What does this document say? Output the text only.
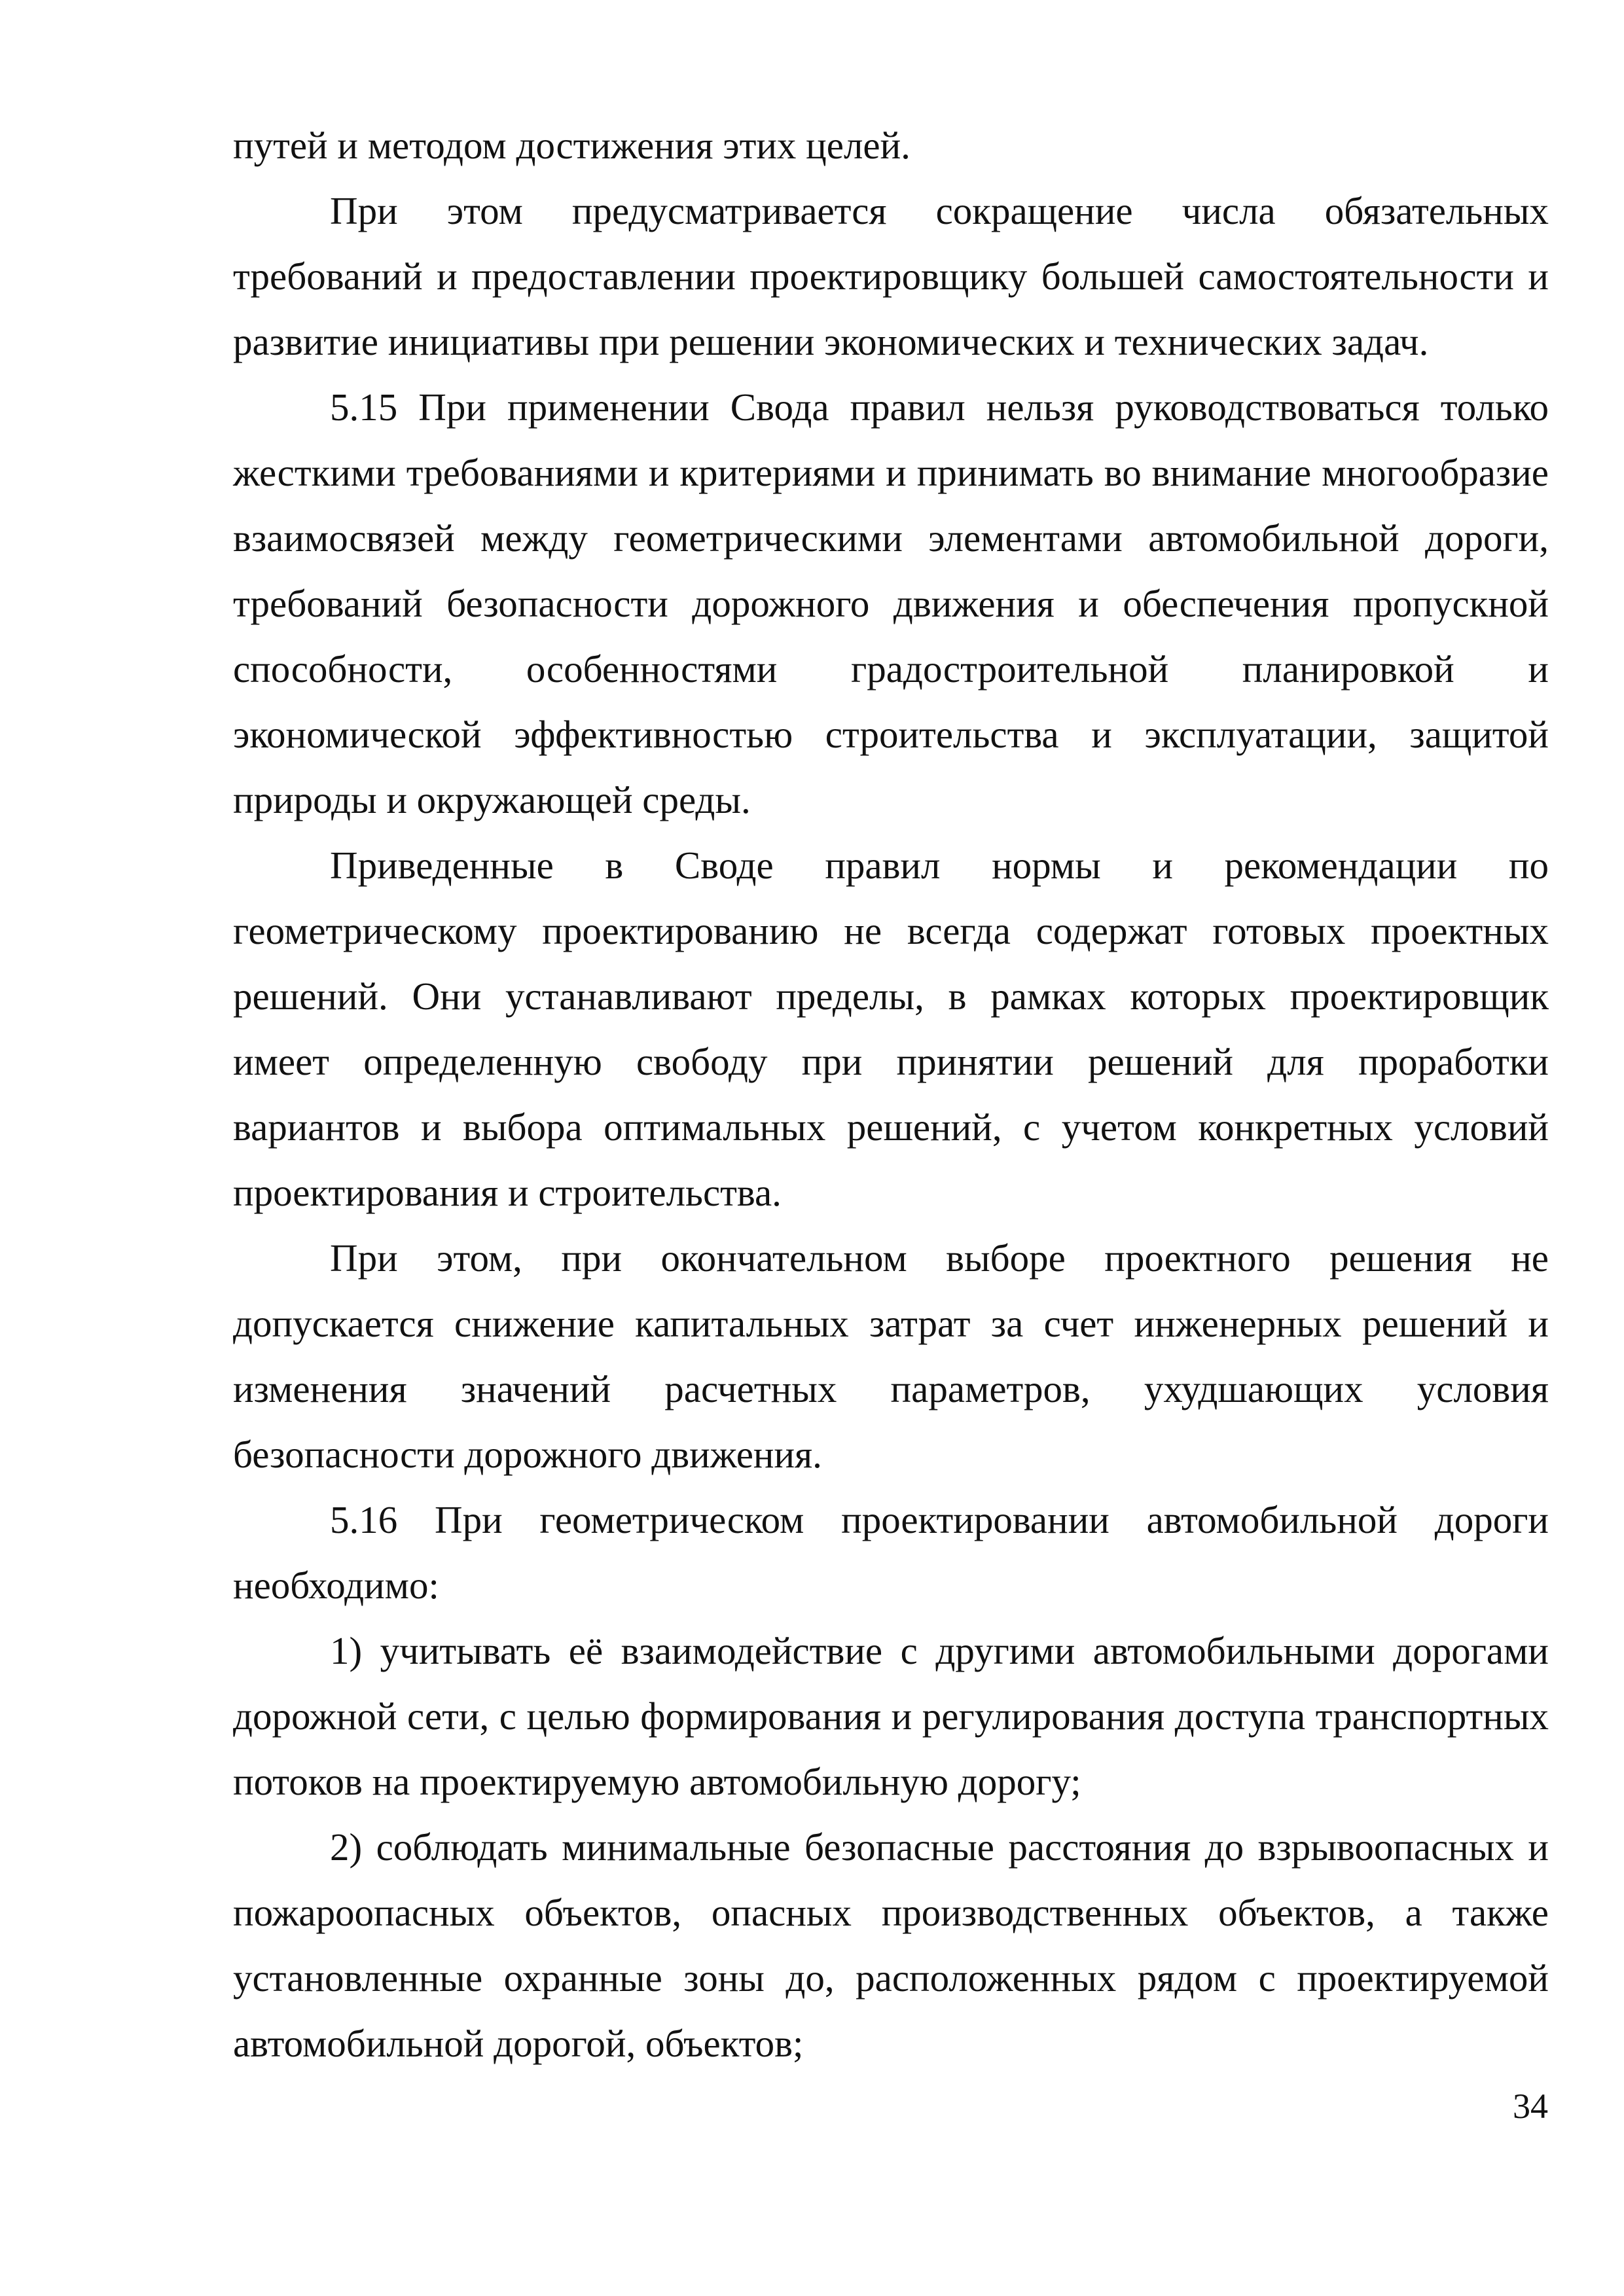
путей и методом достижения этих целей.

При этом предусматривается сокращение числа обязательных требований и предоставлении проектировщику большей самостоятельности и развитие инициативы при решении экономических и технических задач.

5.15 При применении Свода правил нельзя руководствоваться только жесткими требованиями и критериями и принимать во внимание многообразие взаимосвязей между геометрическими элементами автомобильной дороги, требований безопасности дорожного движения и обеспечения пропускной способности, особенностями градостроительной планировкой и экономической эффективностью строительства и эксплуатации, защитой природы и окружающей среды.

Приведенные в Своде правил нормы и рекомендации по геометрическому проектированию не всегда содержат готовых проектных решений. Они устанавливают пределы, в рамках которых проектировщик имеет определенную свободу при принятии решений для проработки вариантов и выбора оптимальных решений, с учетом конкретных условий проектирования и строительства.

При этом, при окончательном выборе проектного решения не допускается снижение капитальных затрат за счет инженерных решений и изменения значений расчетных параметров, ухудшающих условия безопасности дорожного движения.

5.16 При геометрическом проектировании автомобильной дороги необходимо:

1) учитывать её взаимодействие с другими автомобильными дорогами дорожной сети, с целью формирования и регулирования доступа транспортных потоков на проектируемую автомобильную дорогу;

2) соблюдать минимальные безопасные расстояния до взрывоопасных и пожароопасных объектов, опасных производственных объектов, а также установленные охранные зоны до, расположенных рядом с проектируемой автомобильной дорогой, объектов;

34
